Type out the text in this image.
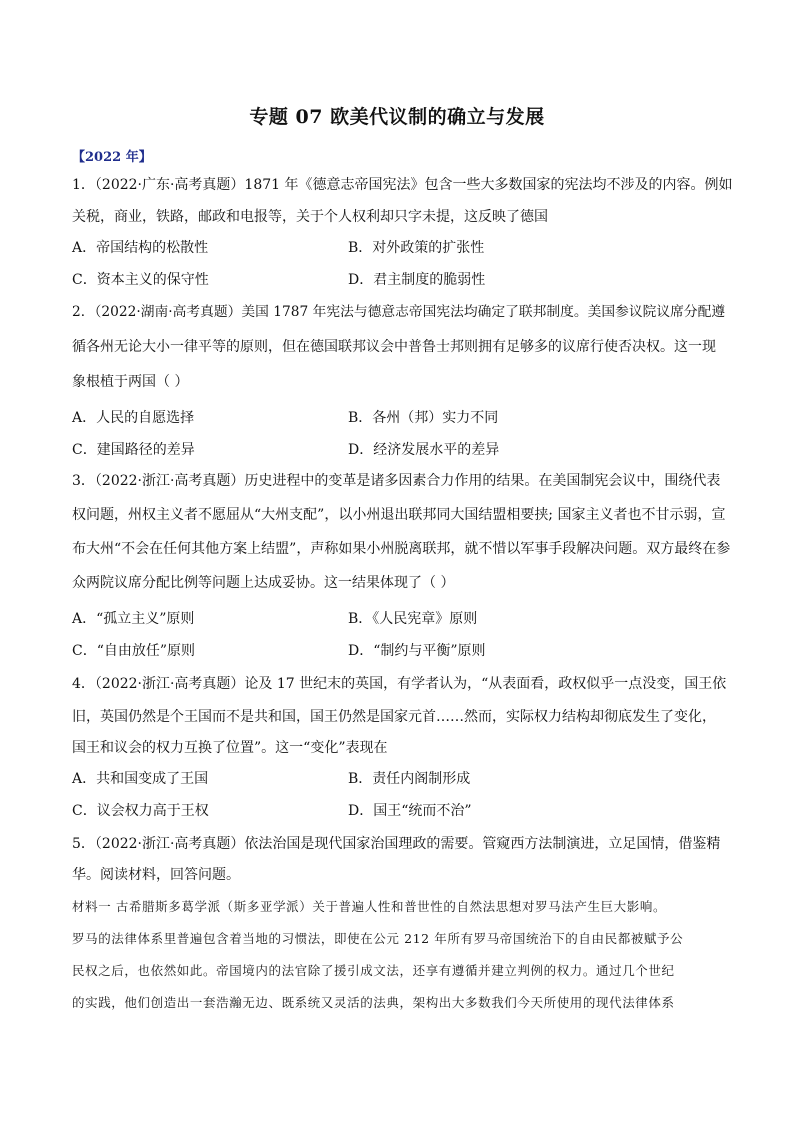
专题 07 欧美代议制的确立与发展
【2022 年】
1．（2022·广东·高考真题）1871 年《德意志帝国宪法》包含一些大多数国家的宪法均不涉及的内容。例如
关税，商业，铁路，邮政和电报等，关于个人权利却只字未提，这反映了德国
A．帝国结构的松散性	B．对外政策的扩张性
C．资本主义的保守性	D．君主制度的脆弱性
2．（2022·湖南·高考真题）美国 1787 年宪法与德意志帝国宪法均确定了联邦制度。美国参议院议席分配遵
循各州无论大小一律平等的原则，但在德国联邦议会中普鲁士邦则拥有足够多的议席行使否决权。这一现
象根植于两国（ ）
A．人民的自愿选择	B．各州（邦）实力不同
C．建国路径的差异	D．经济发展水平的差异
3．（2022·浙江·高考真题）历史进程中的变革是诸多因素合力作用的结果。在美国制宪会议中，围绕代表
权问题，州权主义者不愿屈从“大州支配”，以小州退出联邦同大国结盟相要挟; 国家主义者也不甘示弱，宣
布大州“不会在任何其他方案上结盟”，声称如果小州脱离联邦，就不惜以军事手段解决问题。双方最终在参
众两院议席分配比例等问题上达成妥协。这一结果体现了（ ）
A．“孤立主义”原则	B．《人民宪章》原则
C．“自由放任”原则	D．“制约与平衡”原则
4．（2022·浙江·高考真题）论及 17 世纪末的英国，有学者认为，“从表面看，政权似乎一点没变，国王依
旧，英国仍然是个王国而不是共和国，国王仍然是国家元首……然而，实际权力结构却彻底发生了变化，
国王和议会的权力互换了位置”。这一“变化”表现在
A．共和国变成了王国	B．责任内阁制形成
C．议会权力高于王权	D．国王“统而不治”
5．（2022·浙江·高考真题）依法治国是现代国家治国理政的需要。管窥西方法制演进，立足国情，借鉴精
华。阅读材料，回答问题。
材料一 古希腊斯多葛学派（斯多亚学派）关于普遍人性和普世性的自然法思想对罗马法产生巨大影响。
罗马的法律体系里普遍包含着当地的习惯法，即使在公元 212 年所有罗马帝国统治下的自由民都被赋予公
民权之后，也依然如此。帝国境内的法官除了援引成文法，还享有遵循并建立判例的权力。通过几个世纪
的实践，他们创造出一套浩瀚无边、既系统又灵活的法典，架构出大多数我们今天所使用的现代法律体系
